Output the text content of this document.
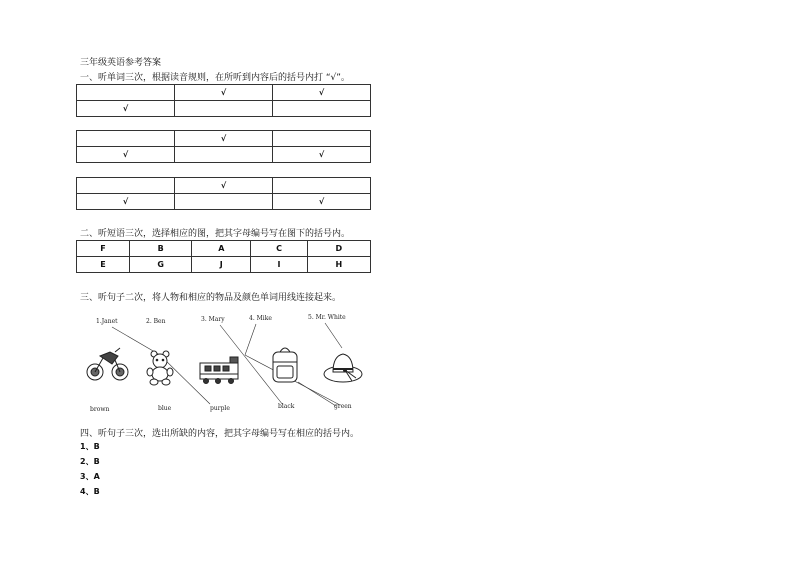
三年级英语参考答案
一、听单词三次，根据读音规则，在所听到内容后的括号内打 “√”。
	√	√
√		
	√	
√		√
	√	
√		√
二、听短语三次，选择相应的图，把其字母编号写在图下的括号内。
F	B	A	C	D
E	G	J	I	H
三、听句子二次，将人物和相应的物品及颜色单词用线连接起来。
1.Janet	2. Ben	3. Mary	4. Mike	5. Mr. White
brown	blue	purple	black	green
四、听句子三次，选出所缺的内容，把其字母编号写在相应的括号内。
1、B
2、B
3、A
4、B
